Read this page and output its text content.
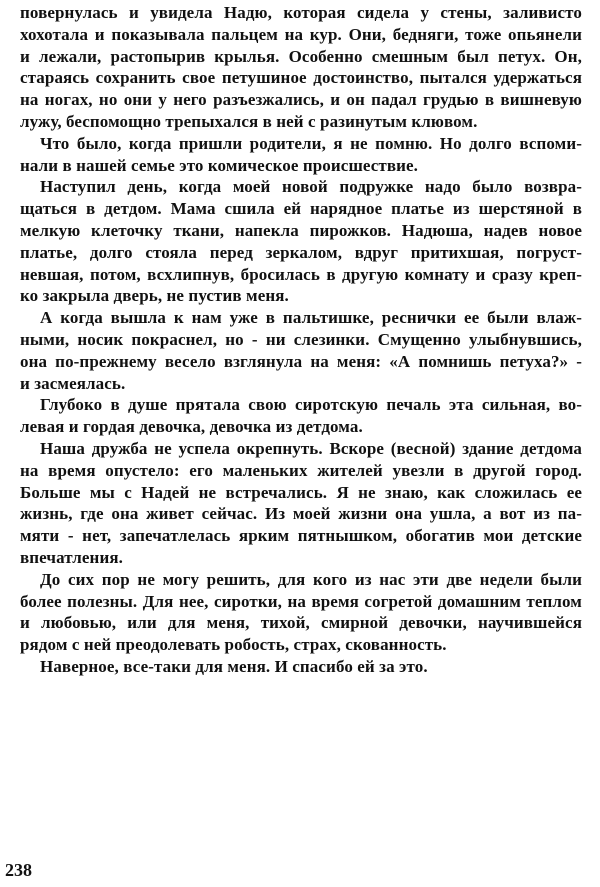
повернулась и увидела Надю, которая сидела у стены, заливисто
хохотала и показывала пальцем на кур. Они, бедняги, тоже опьянели
и лежали, растопырив крылья. Особенно смешным был петух. Он,
стараясь сохранить свое петушиное достоинство, пытался удержаться
на ногах, но они у него разъезжались, и он падал грудью в вишневую
лужу, беспомощно трепыхался в ней с разинутым клювом.
Что было, когда пришли родители, я не помню. Но долго вспоми-
нали в нашей семье это комическое происшествие.
Наступил день, когда моей новой подружке надо было возвра-
щаться в детдом. Мама сшила ей нарядное платье из шерстяной в
мелкую клеточку ткани, напекла пирожков. Надюша, надев новое
платье, долго стояла перед зеркалом, вдруг притихшая, погруст-
невшая, потом, всхлипнув, бросилась в другую комнату и сразу креп-
ко закрыла дверь, не пустив меня.
А когда вышла к нам уже в пальтишке, реснички ее были влаж-
ными, носик покраснел, но - ни слезинки. Смущенно улыбнувшись,
она по-прежнему весело взглянула на меня: «А помнишь петуха?» -
и засмеялась.
Глубоко в душе прятала свою сиротскую печаль эта сильная, во-
левая и гордая девочка, девочка из детдома.
Наша дружба не успела окрепнуть. Вскоре (весной) здание детдома
на время опустело: его маленьких жителей увезли в другой город.
Больше мы с Надей не встречались. Я не знаю, как сложилась ее
жизнь, где она живет сейчас. Из моей жизни она ушла, а вот из па-
мяти - нет, запечатлелась ярким пятнышком, обогатив мои детские
впечатления.
До сих пор не могу решить, для кого из нас эти две недели были
более полезны. Для нее, сиротки, на время согретой домашним теплом
и любовью, или для меня, тихой, смирной девочки, научившейся
рядом с ней преодолевать робость, страх, скованность.
Наверное, все-таки для меня. И спасибо ей за это.
238
